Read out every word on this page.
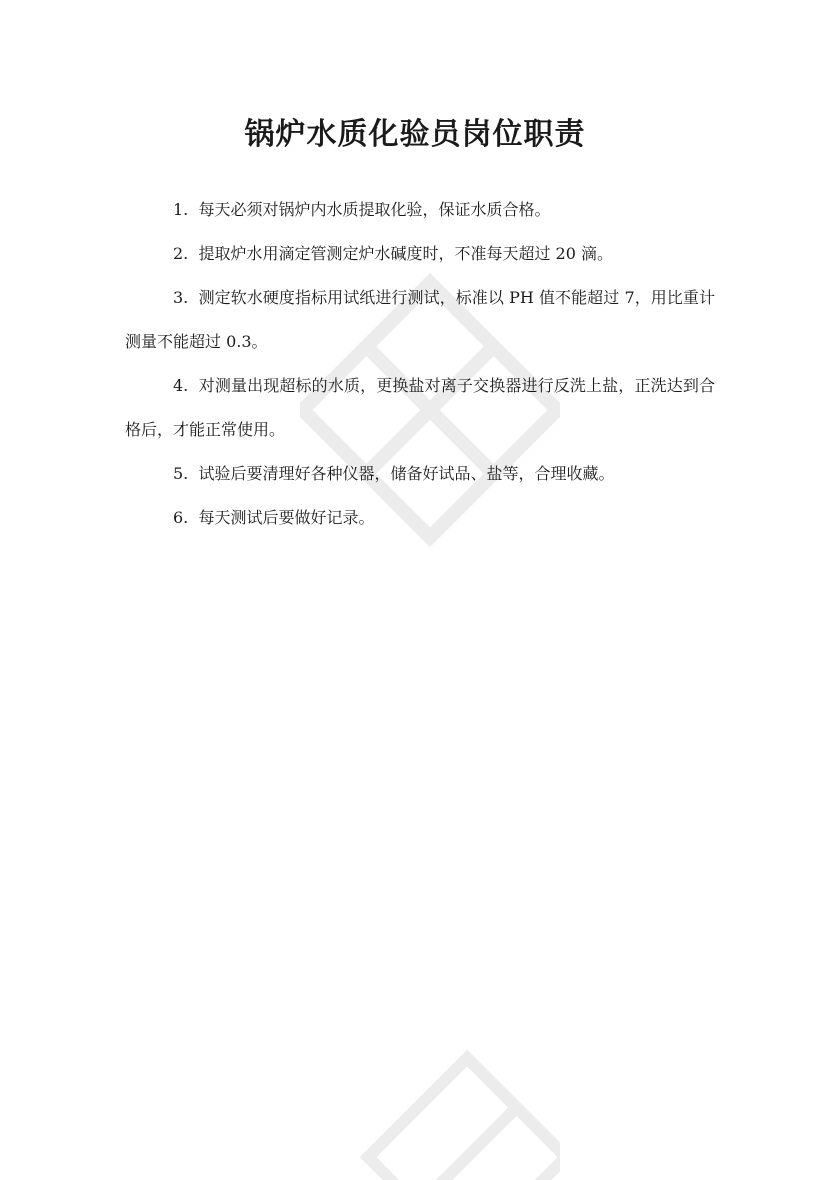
锅炉水质化验员岗位职责

1. 每天必须对锅炉内水质提取化验，保证水质合格。

2. 提取炉水用滴定管测定炉水碱度时，不准每天超过 20 滴。

3. 测定软水硬度指标用试纸进行测试，标准以 PH 值不能超过 7，用比重计测量不能超过 0.3。

4. 对测量出现超标的水质，更换盐对离子交换器进行反洗上盐，正洗达到合格后，才能正常使用。

5. 试验后要清理好各种仪器，储备好试品、盐等，合理收藏。

6. 每天测试后要做好记录。
